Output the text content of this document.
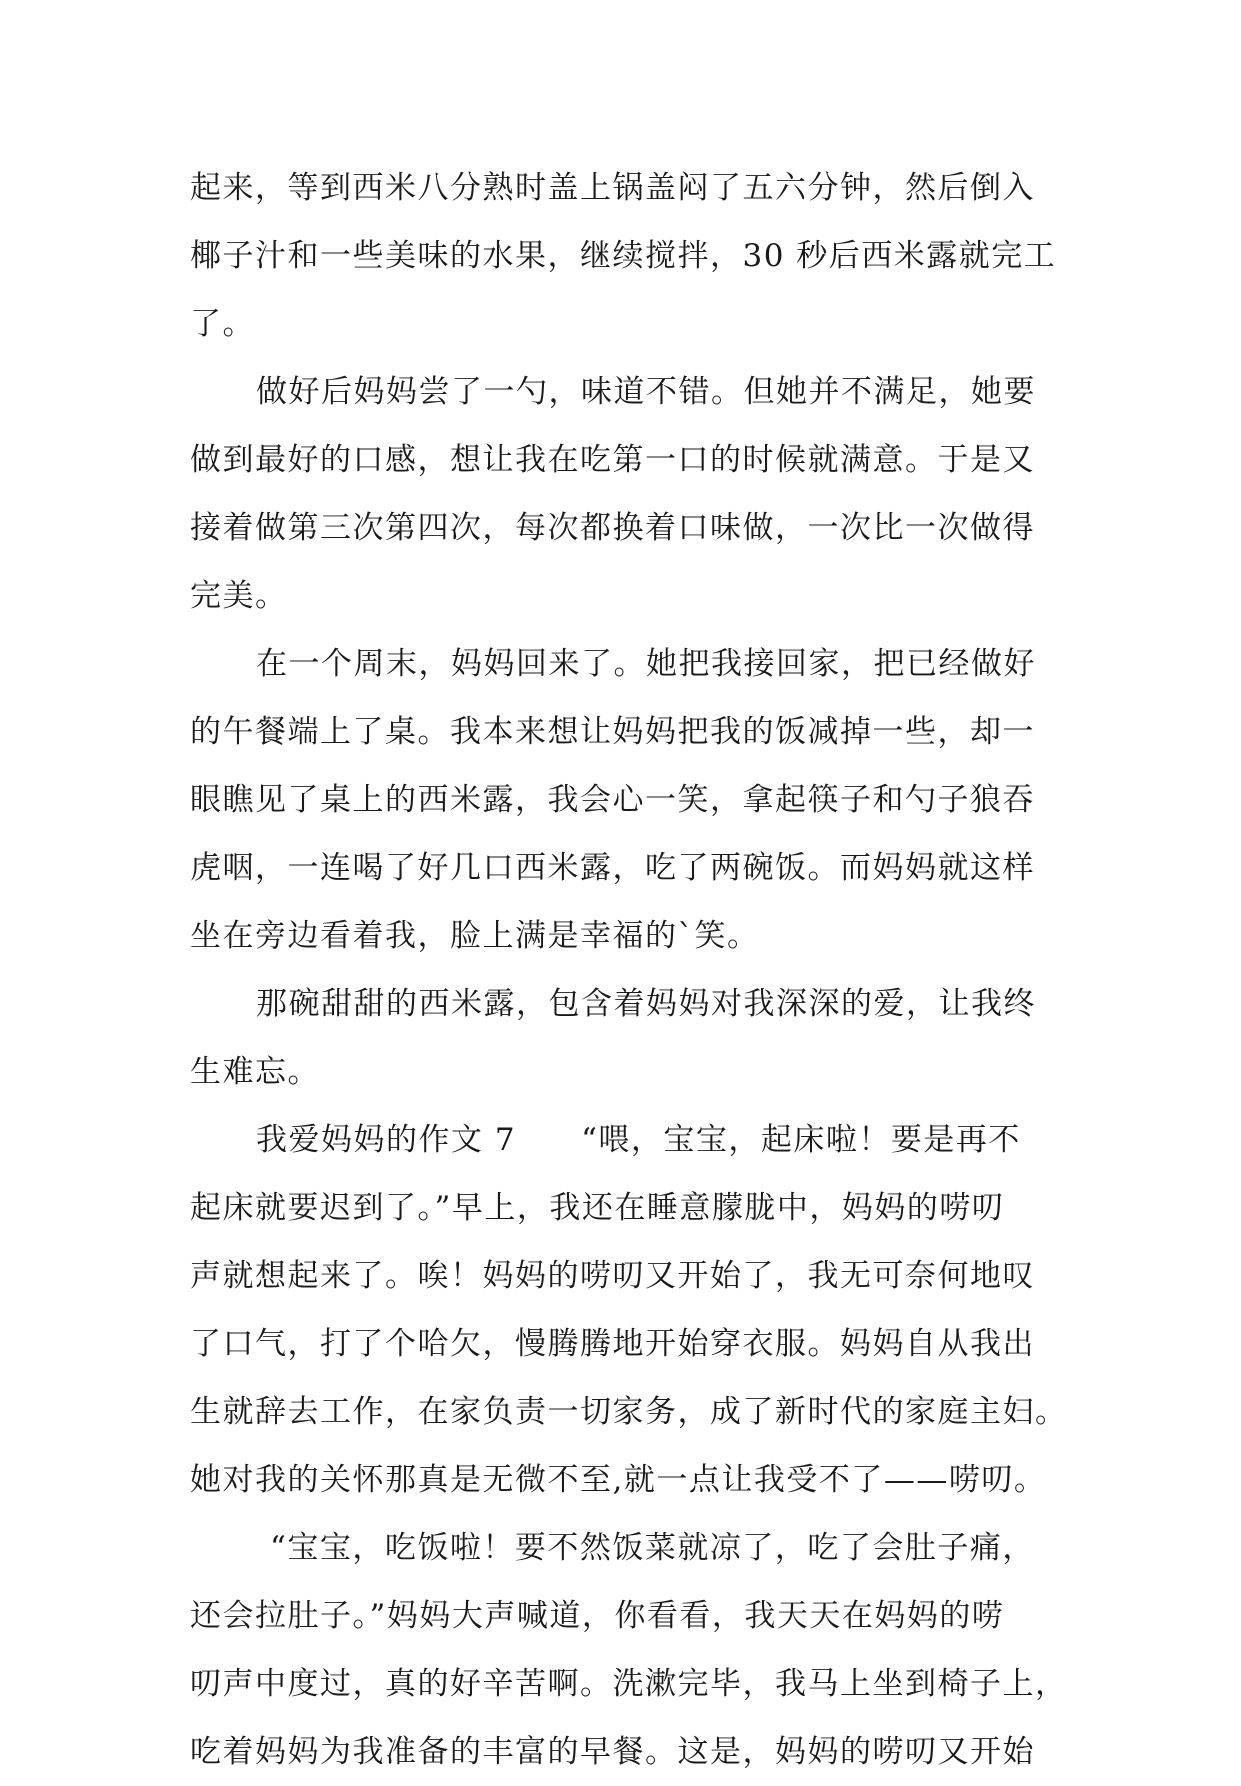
起来，等到西米八分熟时盖上锅盖闷了五六分钟，然后倒入
椰子汁和一些美味的水果，继续搅拌，30 秒后西米露就完工
了。
做好后妈妈尝了一勺，味道不错。但她并不满足，她要
做到最好的口感，想让我在吃第一口的时候就满意。于是又
接着做第三次第四次，每次都换着口味做，一次比一次做得
完美。
在一个周末，妈妈回来了。她把我接回家，把已经做好
的午餐端上了桌。我本来想让妈妈把我的饭减掉一些，却一
眼瞧见了桌上的西米露，我会心一笑，拿起筷子和勺子狼吞
虎咽，一连喝了好几口西米露，吃了两碗饭。而妈妈就这样
坐在旁边看着我，脸上满是幸福的`笑。
那碗甜甜的西米露，包含着妈妈对我深深的爱，让我终
生难忘。
我爱妈妈的作文 7　　“喂，宝宝，起床啦！要是再不
起床就要迟到了。”早上，我还在睡意朦胧中，妈妈的唠叨
声就想起来了。唉！妈妈的唠叨又开始了，我无可奈何地叹
了口气，打了个哈欠，慢腾腾地开始穿衣服。妈妈自从我出
生就辞去工作，在家负责一切家务，成了新时代的家庭主妇。
她对我的关怀那真是无微不至,就一点让我受不了——唠叨。
“宝宝，吃饭啦！要不然饭菜就凉了，吃了会肚子痛，
还会拉肚子。”妈妈大声喊道，你看看，我天天在妈妈的唠
叨声中度过，真的好辛苦啊。洗漱完毕，我马上坐到椅子上，
吃着妈妈为我准备的丰富的早餐。这是，妈妈的唠叨又开始
